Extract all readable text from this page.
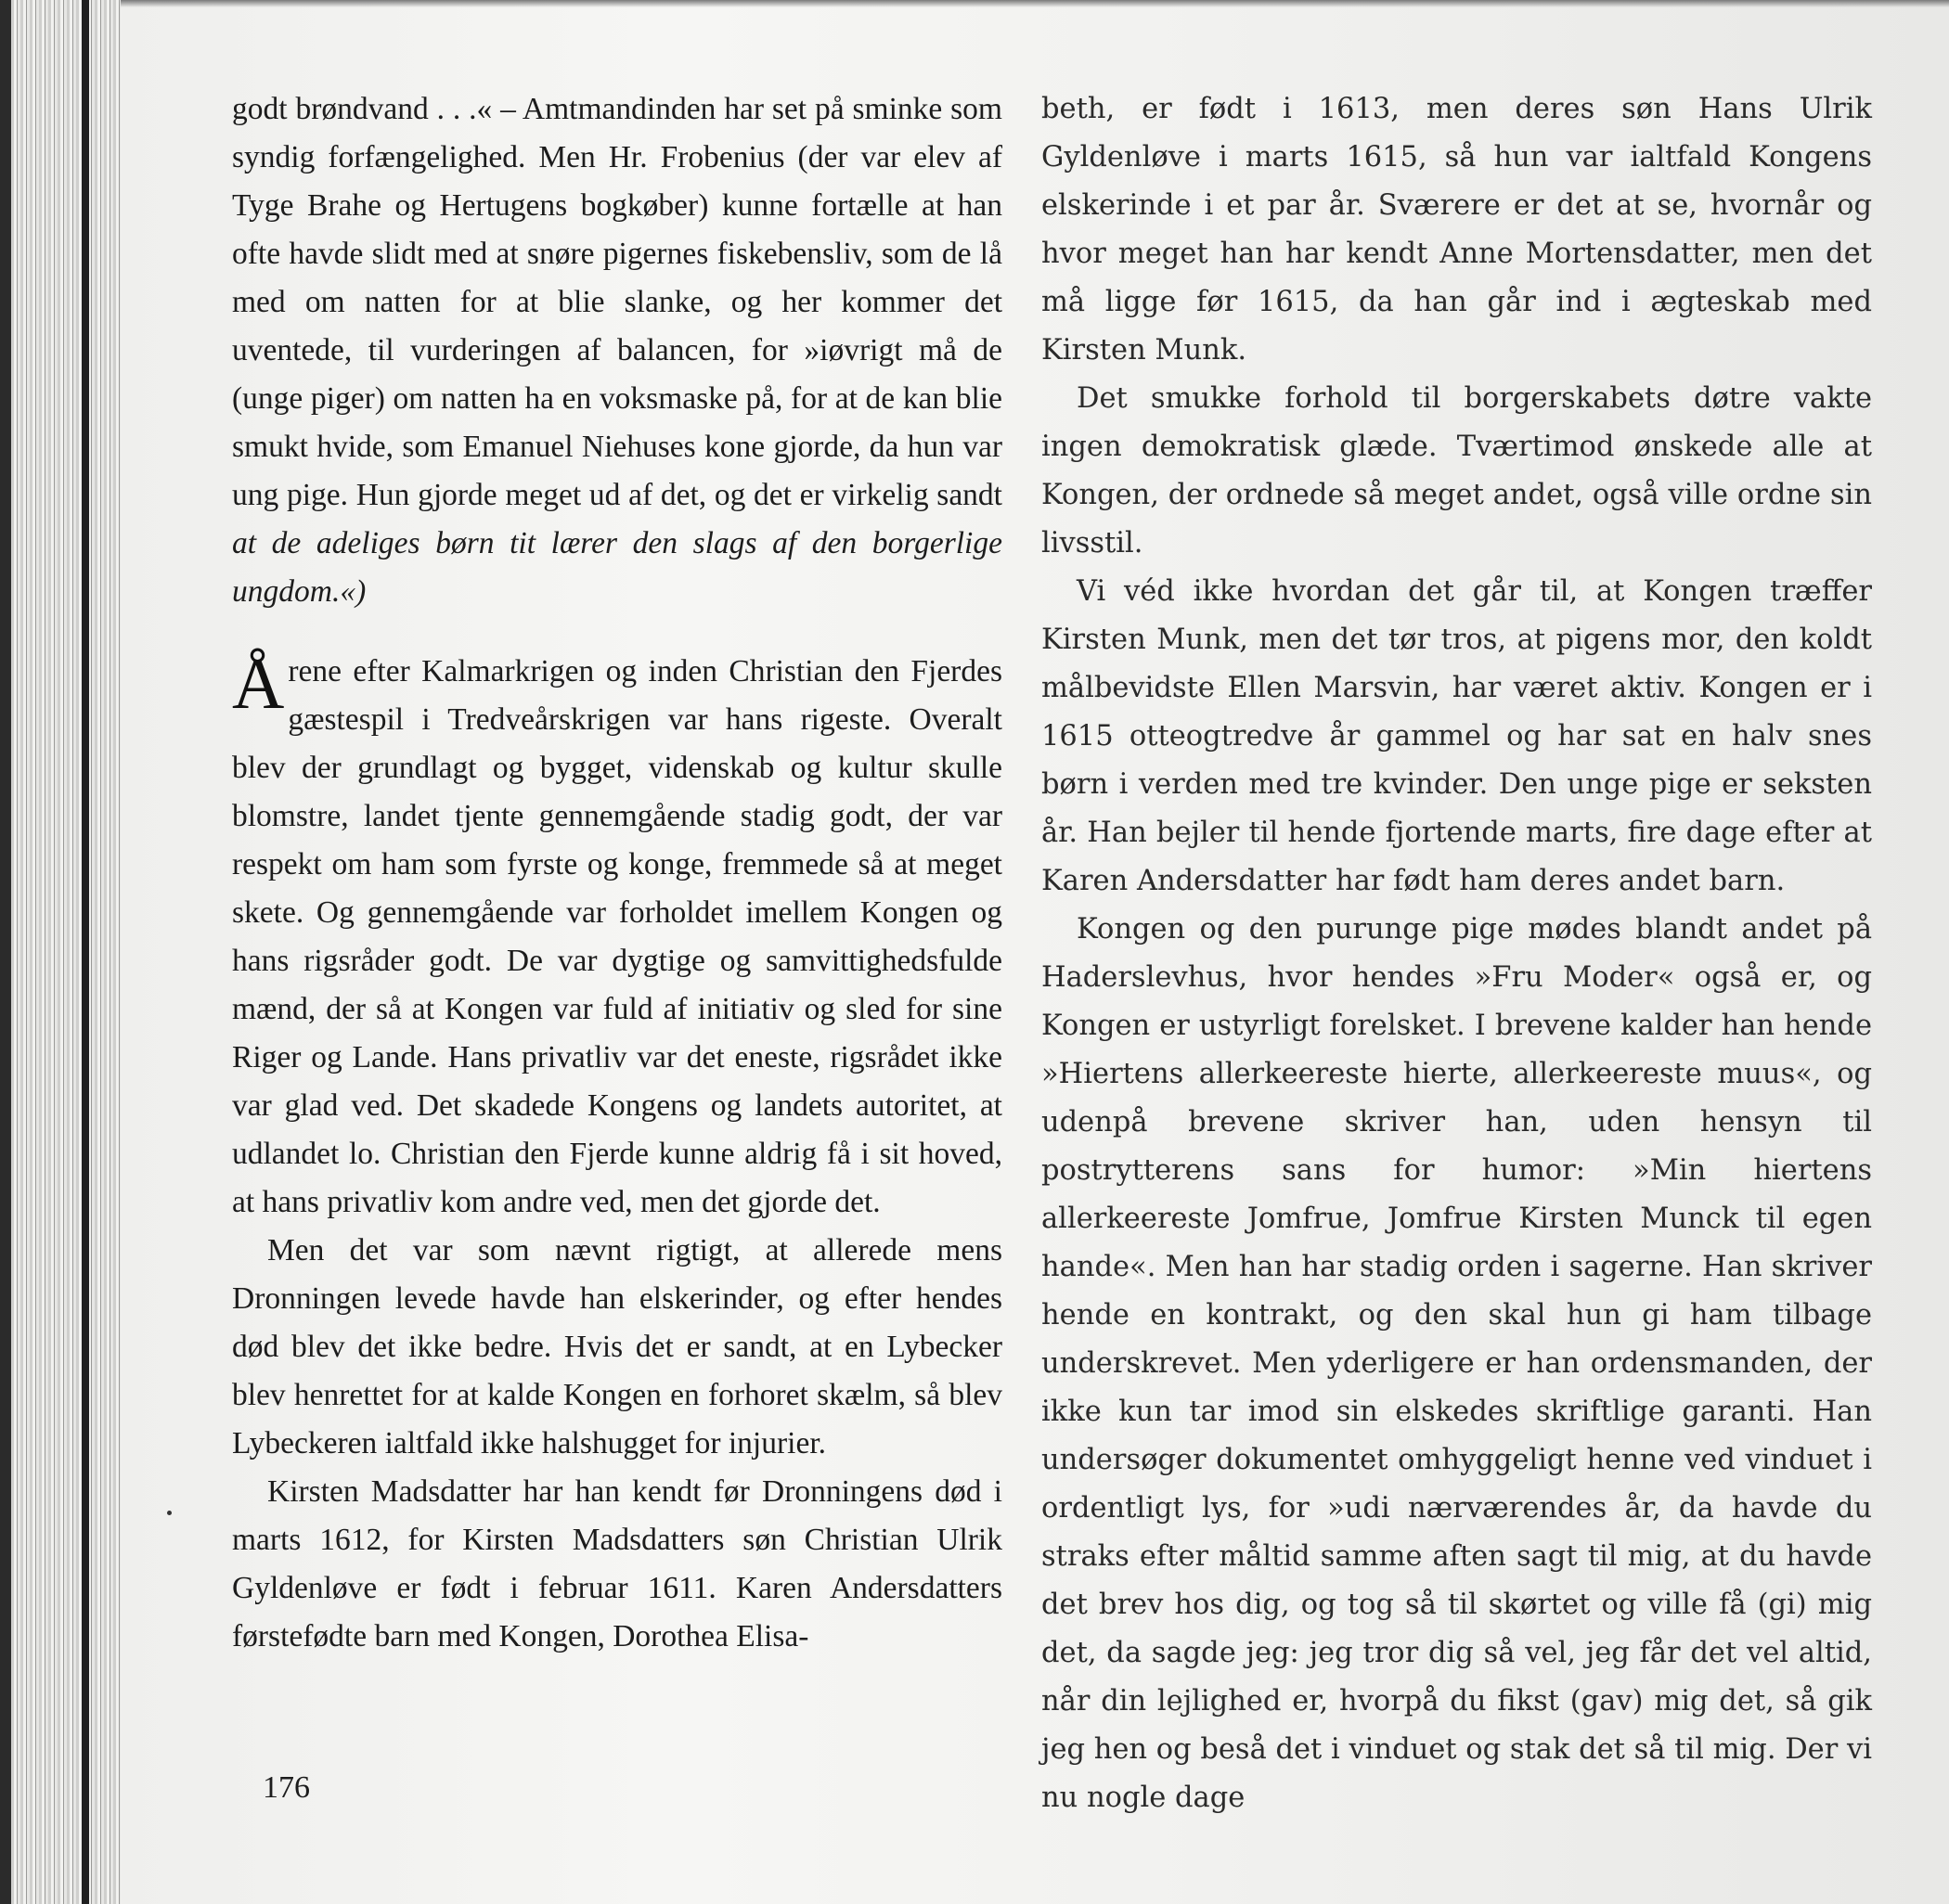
godt brøndvand . . .« – Amtmandinden har set på sminke som syndig forfængelighed. Men Hr. Frobenius (der var elev af Tyge Brahe og Hertugens bogkøber) kunne fortælle at han ofte havde slidt med at snøre pigernes fiskebensliv, som de lå med om natten for at blie slanke, og her kommer det uventede, til vurderingen af balancen, for »iøvrigt må de (unge piger) om natten ha en voksmaske på, for at de kan blie smukt hvide, som Emanuel Niehuses kone gjorde, da hun var ung pige. Hun gjorde meget ud af det, og det er virkelig sandt at de adeliges børn tit lærer den slags af den borgerlige ungdom.«)

Årene efter Kalmarkrigen og inden Christian den Fjerdes gæstespil i Tredveårskrigen var hans rigeste. Overalt blev der grundlagt og bygget, videnskab og kultur skulle blomstre, landet tjente gennemgående stadig godt, der var respekt om ham som fyrste og konge, fremmede så at meget skete. Og gennemgående var forholdet imellem Kongen og hans rigsråder godt. De var dygtige og samvittighedsfulde mænd, der så at Kongen var fuld af initiativ og sled for sine Riger og Lande. Hans privatliv var det eneste, rigsrådet ikke var glad ved. Det skadede Kongens og landets autoritet, at udlandet lo. Christian den Fjerde kunne aldrig få i sit hoved, at hans privatliv kom andre ved, men det gjorde det.

Men det var som nævnt rigtigt, at allerede mens Dronningen levede havde han elskerinder, og efter hendes død blev det ikke bedre. Hvis det er sandt, at en Lybecker blev henrettet for at kalde Kongen en forhoret skælm, så blev Lybeckeren ialtfald ikke halshugget for injurier.

Kirsten Madsdatter har han kendt før Dronningens død i marts 1612, for Kirsten Madsdatters søn Christian Ulrik Gyldenløve er født i februar 1611. Karen Andersdatters førstefødte barn med Kongen, Dorothea Elisa-

176

beth, er født i 1613, men deres søn Hans Ulrik Gyldenløve i marts 1615, så hun var ialtfald Kongens elskerinde i et par år. Sværere er det at se, hvornår og hvor meget han har kendt Anne Mortensdatter, men det må ligge før 1615, da han går ind i ægteskab med Kirsten Munk.

Det smukke forhold til borgerskabets døtre vakte ingen demokratisk glæde. Tværtimod ønskede alle at Kongen, der ordnede så meget andet, også ville ordne sin livsstil.

Vi véd ikke hvordan det går til, at Kongen træffer Kirsten Munk, men det tør tros, at pigens mor, den koldt målbevidste Ellen Marsvin, har været aktiv. Kongen er i 1615 otteogtredve år gammel og har sat en halv snes børn i verden med tre kvinder. Den unge pige er seksten år. Han bejler til hende fjortende marts, fire dage efter at Karen Andersdatter har født ham deres andet barn.

Kongen og den purunge pige mødes blandt andet på Haderslevhus, hvor hendes »Fru Moder« også er, og Kongen er ustyrligt forelsket. I brevene kalder han hende »Hiertens allerkeereste hierte, allerkeereste muus«, og udenpå brevene skriver han, uden hensyn til postrytterens sans for humor: »Min hiertens allerkeereste Jomfrue, Jomfrue Kirsten Munck til egen hande«. Men han har stadig orden i sagerne. Han skriver hende en kontrakt, og den skal hun gi ham tilbage underskrevet. Men yderligere er han ordensmanden, der ikke kun tar imod sin elskedes skriftlige garanti. Han undersøger dokumentet omhyggeligt henne ved vinduet i ordentligt lys, for »udi nærværendes år, da havde du straks efter måltid samme aften sagt til mig, at du havde det brev hos dig, og tog så til skørtet og ville få (gi) mig det, da sagde jeg: jeg tror dig så vel, jeg får det vel altid, når din lejlighed er, hvorpå du fikst (gav) mig det, så gik jeg hen og beså det i vinduet og stak det så til mig. Der vi nu nogle dage
